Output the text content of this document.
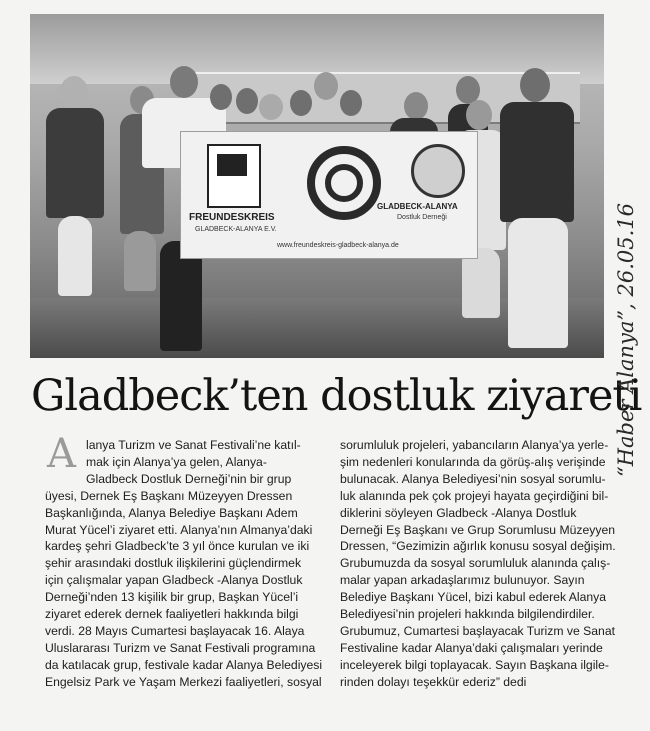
FREUNDESKREIS
GLADBECK-ALANYA E.V.
GLADBECK-ALANYA
Dostluk Derneği
www.freundeskreis-gladbeck-alanya.de
Gladbeck’ten dostluk ziyareti
A lanya Turizm ve Sanat Festivali’ne katıl-
mak için Alanya’ya gelen, Alanya-
Gladbeck Dostluk Derneği’nin bir grup
üyesi, Dernek Eş Başkanı Müzeyyen Dressen
Başkanlığında, Alanya Belediye Başkanı Adem
Murat Yücel’i ziyaret etti. Alanya’nın Almanya’daki
kardeş şehri Gladbeck’te 3 yıl önce kurulan ve iki
şehir arasındaki dostluk ilişkilerini güçlendirmek
için çalışmalar yapan Gladbeck -Alanya Dostluk
Derneği’nden 13 kişilik bir grup, Başkan Yücel’i
ziyaret ederek dernek faaliyetleri hakkında bilgi
verdi. 28 Mayıs Cumartesi başlayacak 16. Alaya
Uluslararası Turizm ve Sanat Festivali programına
da katılacak grup, festivale kadar Alanya Belediyesi
Engelsiz Park ve Yaşam Merkezi faaliyetleri, sosyal
sorumluluk projeleri, yabancıların Alanya’ya yerle-
şim nedenleri konularında da görüş-alış verişinde
bulunacak. Alanya Belediyesi’nin sosyal sorumlu-
luk alanında pek çok projeyi hayata geçirdiğini bil-
diklerini söyleyen Gladbeck -Alanya Dostluk
Derneği Eş Başkanı ve Grup Sorumlusu Müzeyyen
Dressen, “Gezimizin ağırlık konusu sosyal değişim.
Grubumuzda da sosyal sorumluluk alanında çalış-
malar yapan arkadaşlarımız bulunuyor. Sayın
Belediye Başkanı Yücel, bizi kabul ederek Alanya
Belediyesi’nin projeleri hakkında bilgilendirdiler.
Grubumuz, Cumartesi başlayacak Turizm ve Sanat
Festivaline kadar Alanya’daki çalışmaları yerinde
inceleyerek bilgi toplayacak. Sayın Başkana ilgile-
rinden dolayı teşekkür ederiz” dedi
“Haber Alanya”, 26.05.16
